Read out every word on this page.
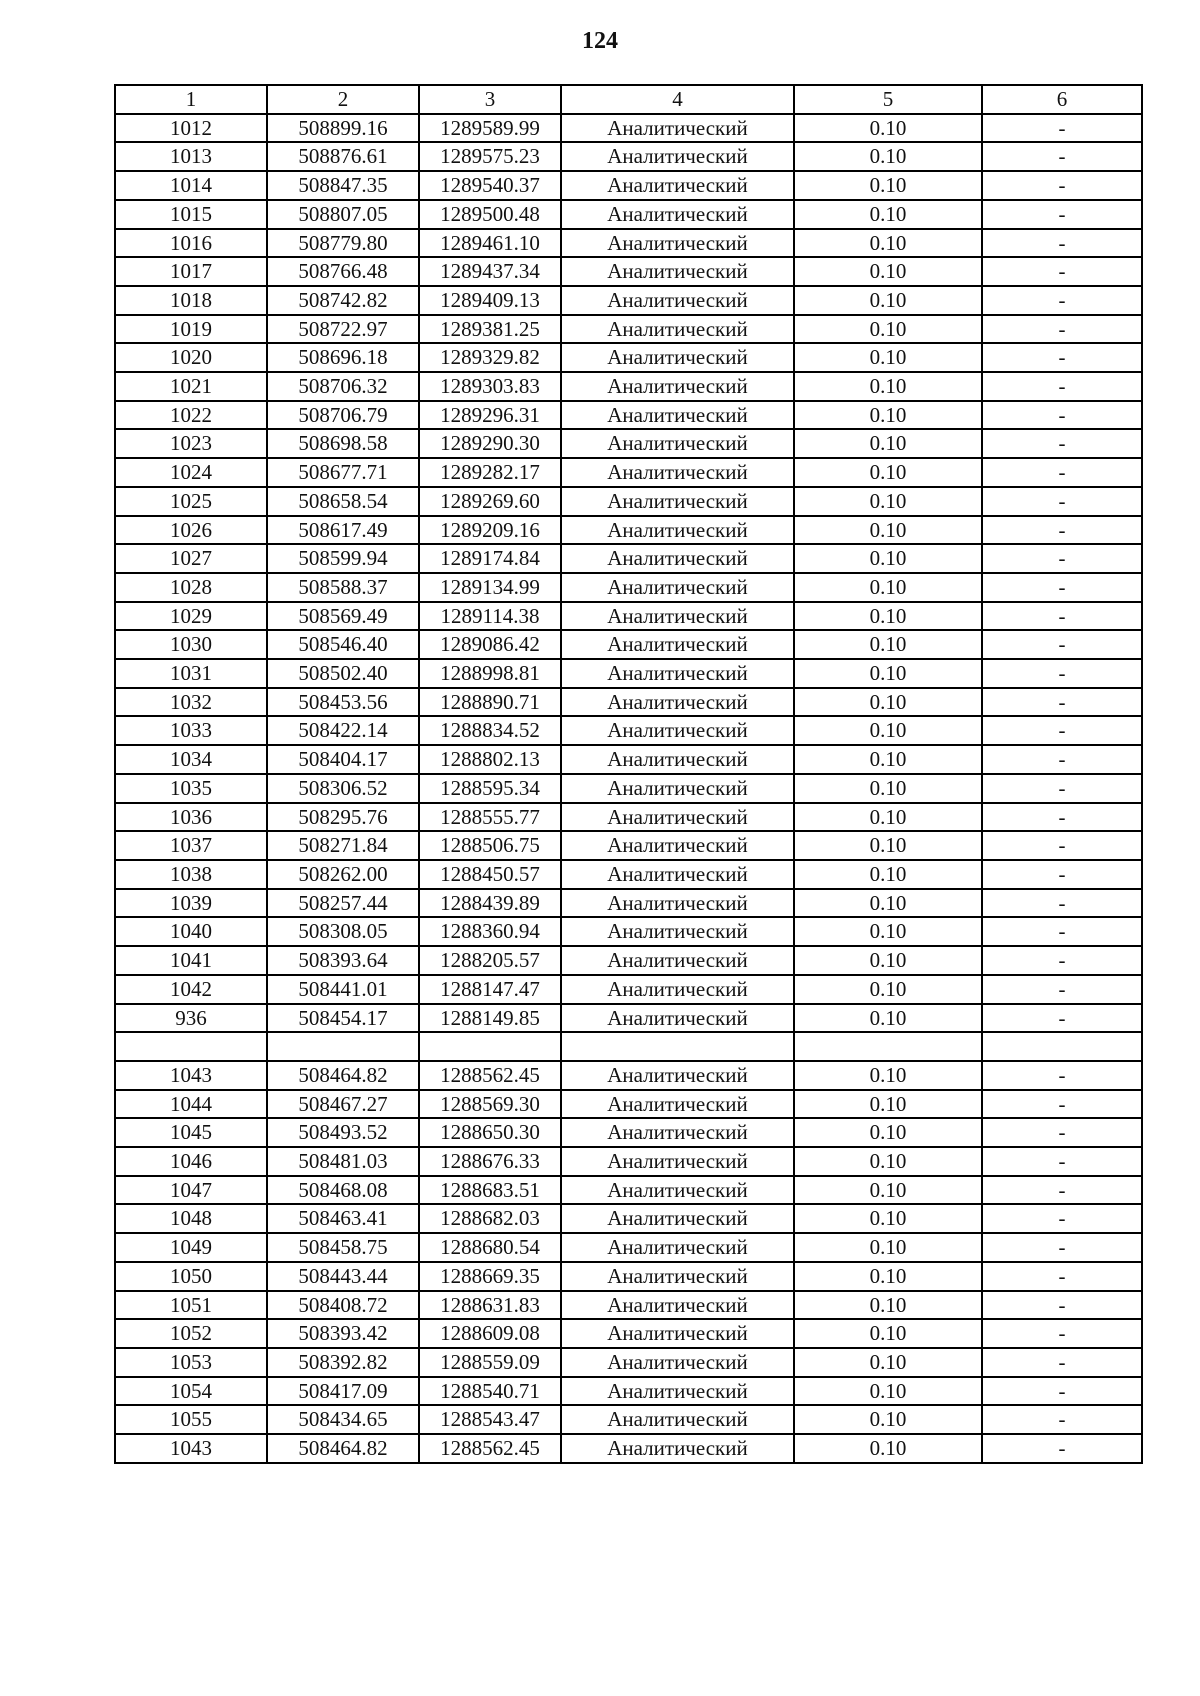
124
1	2	3	4	5	6
1012	508899.16	1289589.99	Аналитический	0.10	-
1013	508876.61	1289575.23	Аналитический	0.10	-
1014	508847.35	1289540.37	Аналитический	0.10	-
1015	508807.05	1289500.48	Аналитический	0.10	-
1016	508779.80	1289461.10	Аналитический	0.10	-
1017	508766.48	1289437.34	Аналитический	0.10	-
1018	508742.82	1289409.13	Аналитический	0.10	-
1019	508722.97	1289381.25	Аналитический	0.10	-
1020	508696.18	1289329.82	Аналитический	0.10	-
1021	508706.32	1289303.83	Аналитический	0.10	-
1022	508706.79	1289296.31	Аналитический	0.10	-
1023	508698.58	1289290.30	Аналитический	0.10	-
1024	508677.71	1289282.17	Аналитический	0.10	-
1025	508658.54	1289269.60	Аналитический	0.10	-
1026	508617.49	1289209.16	Аналитический	0.10	-
1027	508599.94	1289174.84	Аналитический	0.10	-
1028	508588.37	1289134.99	Аналитический	0.10	-
1029	508569.49	1289114.38	Аналитический	0.10	-
1030	508546.40	1289086.42	Аналитический	0.10	-
1031	508502.40	1288998.81	Аналитический	0.10	-
1032	508453.56	1288890.71	Аналитический	0.10	-
1033	508422.14	1288834.52	Аналитический	0.10	-
1034	508404.17	1288802.13	Аналитический	0.10	-
1035	508306.52	1288595.34	Аналитический	0.10	-
1036	508295.76	1288555.77	Аналитический	0.10	-
1037	508271.84	1288506.75	Аналитический	0.10	-
1038	508262.00	1288450.57	Аналитический	0.10	-
1039	508257.44	1288439.89	Аналитический	0.10	-
1040	508308.05	1288360.94	Аналитический	0.10	-
1041	508393.64	1288205.57	Аналитический	0.10	-
1042	508441.01	1288147.47	Аналитический	0.10	-
936	508454.17	1288149.85	Аналитический	0.10	-

1043	508464.82	1288562.45	Аналитический	0.10	-
1044	508467.27	1288569.30	Аналитический	0.10	-
1045	508493.52	1288650.30	Аналитический	0.10	-
1046	508481.03	1288676.33	Аналитический	0.10	-
1047	508468.08	1288683.51	Аналитический	0.10	-
1048	508463.41	1288682.03	Аналитический	0.10	-
1049	508458.75	1288680.54	Аналитический	0.10	-
1050	508443.44	1288669.35	Аналитический	0.10	-
1051	508408.72	1288631.83	Аналитический	0.10	-
1052	508393.42	1288609.08	Аналитический	0.10	-
1053	508392.82	1288559.09	Аналитический	0.10	-
1054	508417.09	1288540.71	Аналитический	0.10	-
1055	508434.65	1288543.47	Аналитический	0.10	-
1043	508464.82	1288562.45	Аналитический	0.10	-
